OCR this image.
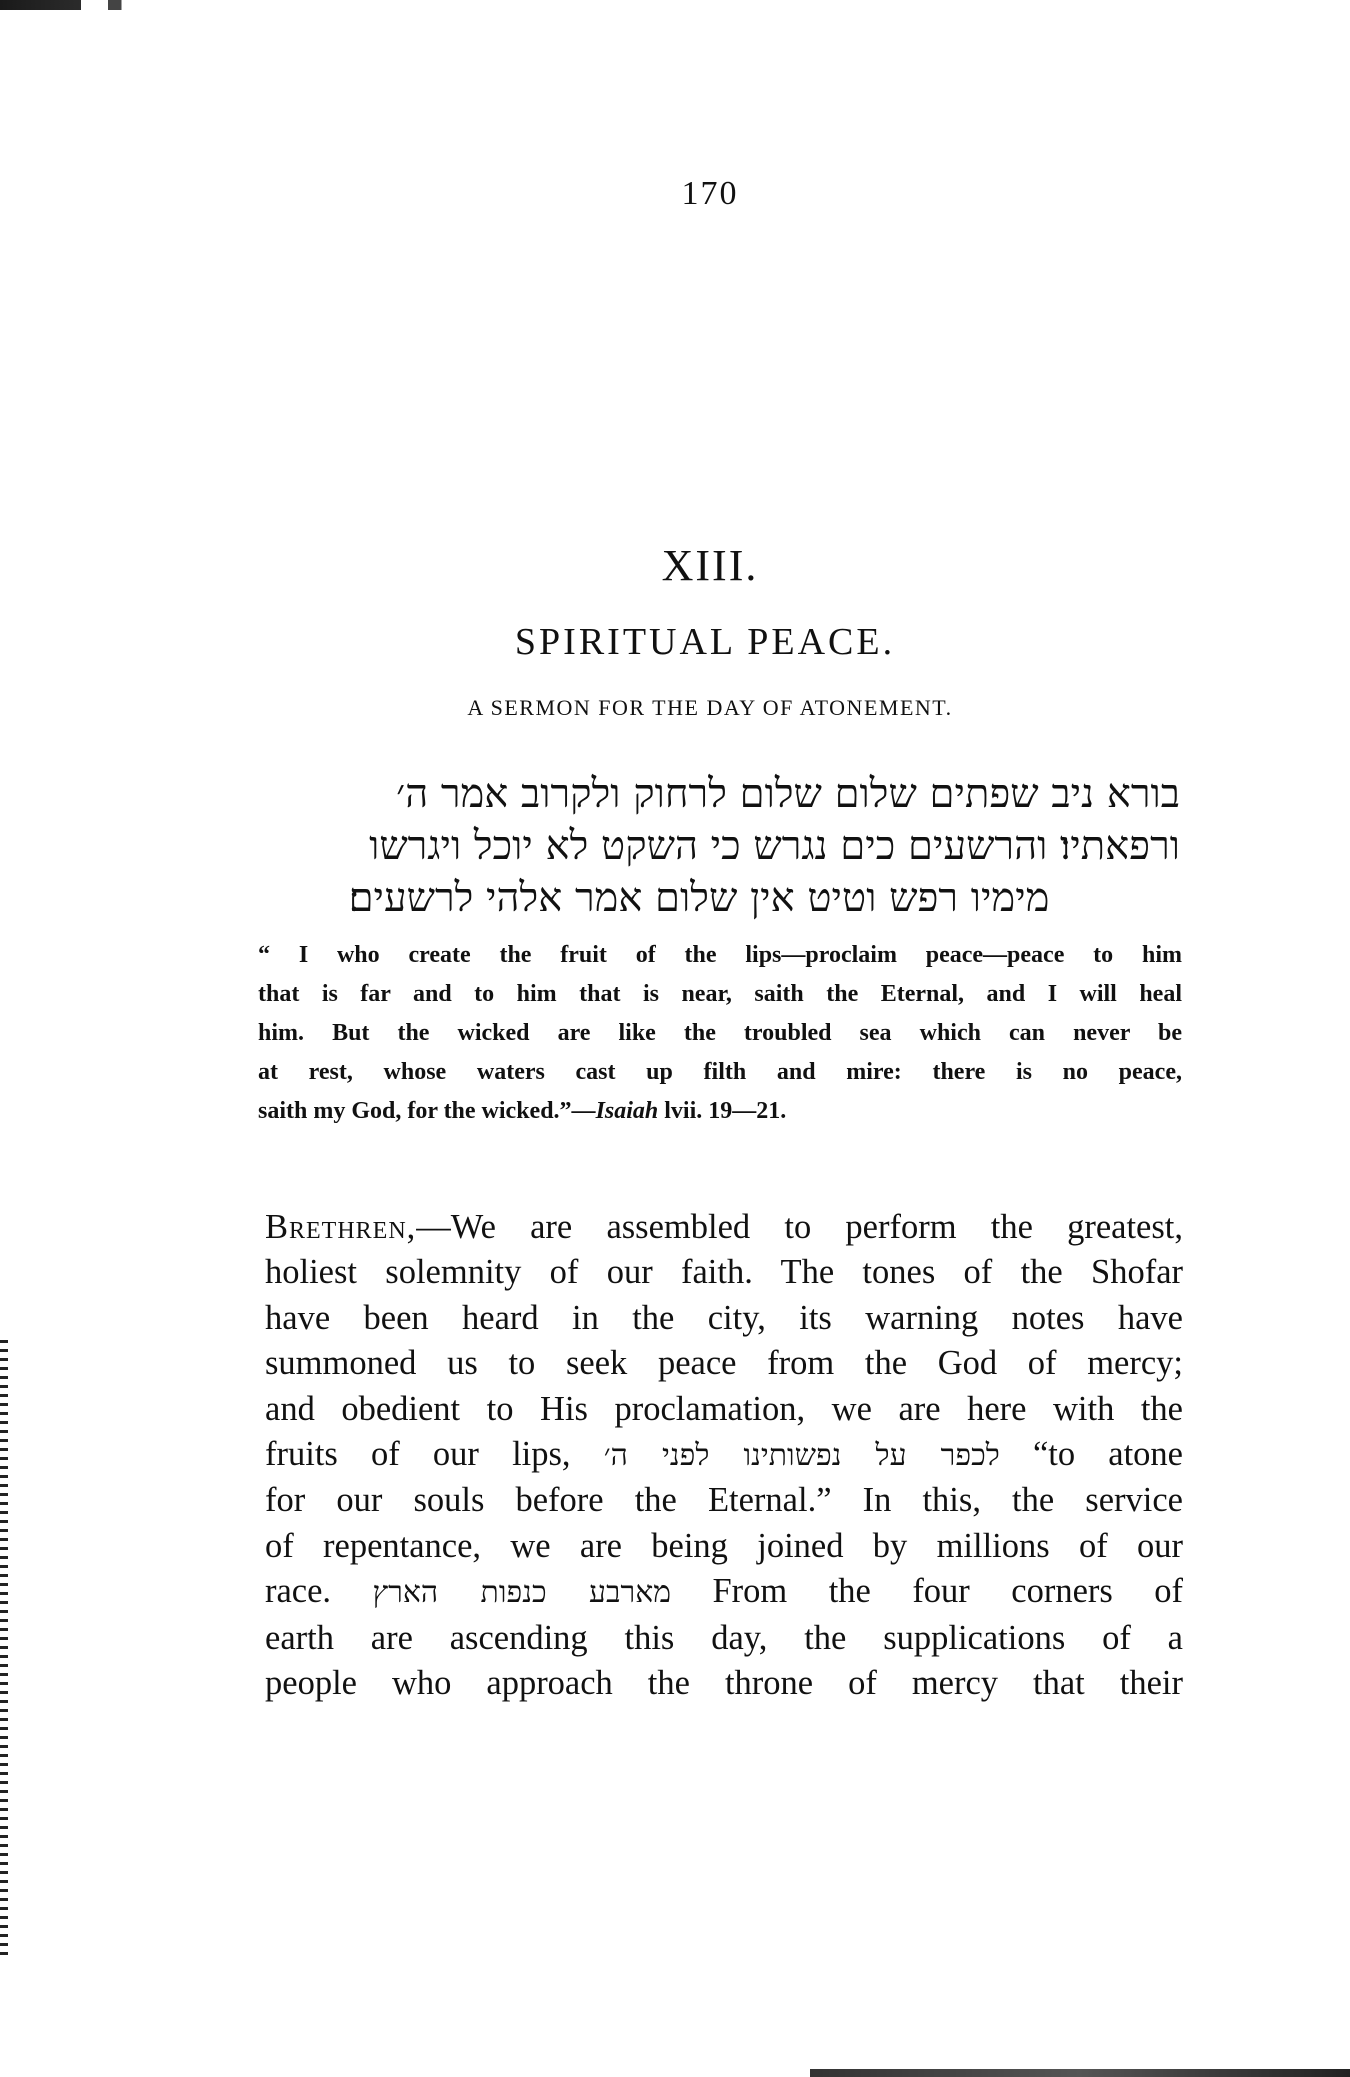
170
XIII.
SPIRITUAL PEACE.
A SERMON FOR THE DAY OF ATONEMENT.
בורא ניב שפתים שלום שלום לרחוק ולקרוב אמר ה׳
ורפאתיו׃ והרשעים כים נגרש כי השקט לא יוכל ויגרשו
מימיו רפש וטיט אין שלום אמר אלהי לרשעים׃
“ I who create the fruit of the lips—proclaim peace—peace to him
that is far and to him that is near, saith the Eternal, and I will heal
him. But the wicked are like the troubled sea which can never be
at rest, whose waters cast up filth and mire: there is no peace,
saith my God, for the wicked.”—Isaiah lvii. 19—21.
Brethren,—We are assembled to perform the greatest,
holiest solemnity of our faith. The tones of the Shofar
have been heard in the city, its warning notes have
summoned us to seek peace from the God of mercy;
and obedient to His proclamation, we are here with the
fruits of our lips, לכפר על נפשותינו לפני ה׳ “to atone
for our souls before the Eternal.” In this, the service
of repentance, we are being joined by millions of our
race. מארבע כנפות הארץ From the four corners of
earth are ascending this day, the supplications of a
people who approach the throne of mercy that their
